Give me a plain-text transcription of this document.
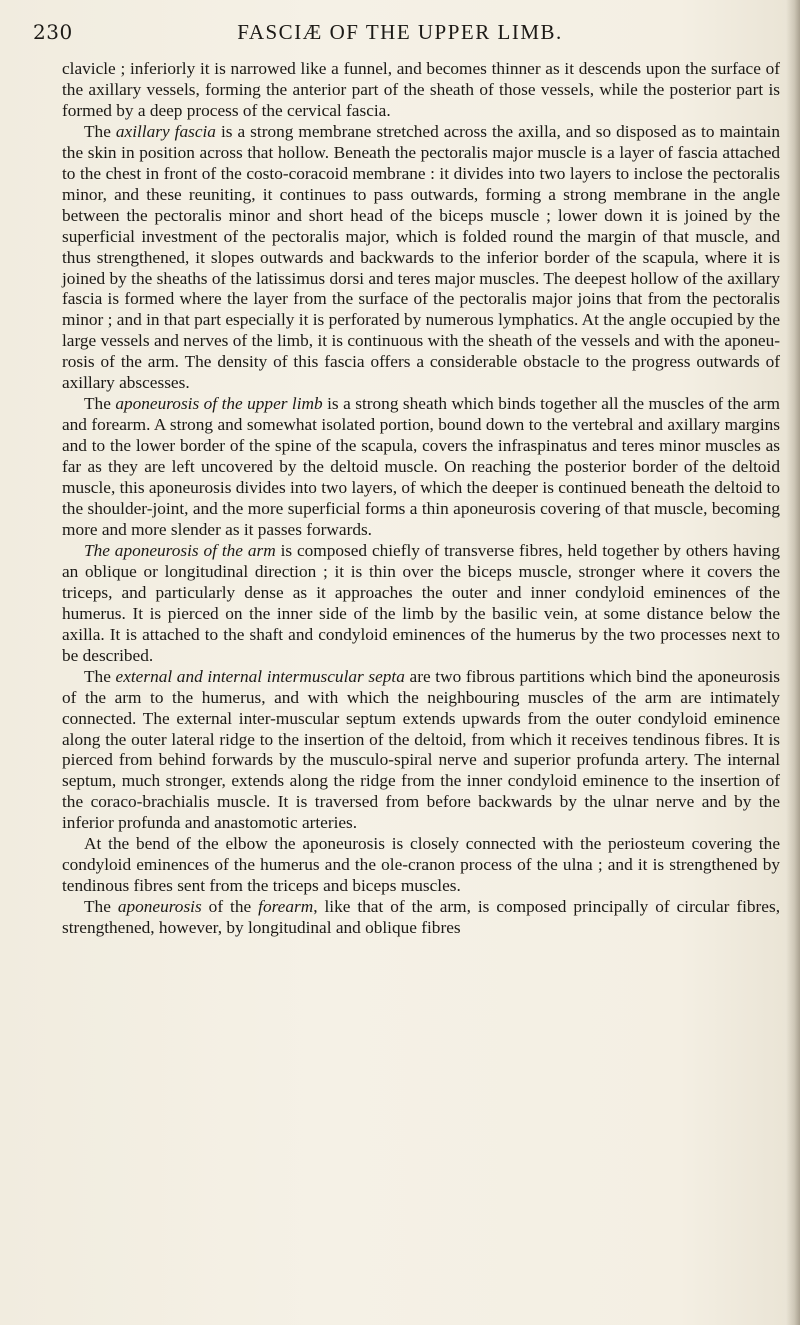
230	FASCIÆ OF THE UPPER LIMB.

clavicle ; inferiorly it is narrowed like a funnel, and becomes thinner as it descends upon the surface of the axillary vessels, forming the anterior part of the sheath of those vessels, while the posterior part is formed by a deep process of the cervical fascia.

The axillary fascia is a strong membrane stretched across the axilla, and so disposed as to maintain the skin in position across that hollow. Beneath the pectoralis major muscle is a layer of fascia attached to the chest in front of the costo-coracoid membrane : it divides into two layers to inclose the pectoralis minor, and these reuniting, it continues to pass outwards, forming a strong membrane in the angle between the pectoralis minor and short head of the biceps muscle ; lower down it is joined by the superficial investment of the pectoralis major, which is folded round the margin of that muscle, and thus strengthened, it slopes outwards and backwards to the inferior border of the scapula, where it is joined by the sheaths of the latissimus dorsi and teres major muscles. The deepest hollow of the axillary fascia is formed where the layer from the surface of the pectoralis major joins that from the pectoralis minor ; and in that part especially it is perforated by numerous lymphatics. At the angle occupied by the large vessels and nerves of the limb, it is continuous with the sheath of the vessels and with the aponeu-rosis of the arm. The density of this fascia offers a considerable obstacle to the progress outwards of axillary abscesses.

The aponeurosis of the upper limb is a strong sheath which binds together all the muscles of the arm and forearm. A strong and somewhat isolated portion, bound down to the vertebral and axillary margins and to the lower border of the spine of the scapula, covers the infraspinatus and teres minor muscles as far as they are left uncovered by the deltoid muscle. On reaching the posterior border of the deltoid muscle, this aponeurosis divides into two layers, of which the deeper is continued beneath the deltoid to the shoulder-joint, and the more superficial forms a thin aponeurosis covering of that muscle, becoming more and more slender as it passes forwards.

The aponeurosis of the arm is composed chiefly of transverse fibres, held together by others having an oblique or longitudinal direction ; it is thin over the biceps muscle, stronger where it covers the triceps, and particularly dense as it approaches the outer and inner condyloid eminences of the humerus. It is pierced on the inner side of the limb by the basilic vein, at some distance below the axilla. It is attached to the shaft and condyloid eminences of the humerus by the two processes next to be described.

The external and internal intermuscular septa are two fibrous partitions which bind the aponeurosis of the arm to the humerus, and with which the neighbouring muscles of the arm are intimately connected. The external inter-muscular septum extends upwards from the outer condyloid eminence along the outer lateral ridge to the insertion of the deltoid, from which it receives tendinous fibres. It is pierced from behind forwards by the musculo-spiral nerve and superior profunda artery. The internal septum, much stronger, extends along the ridge from the inner condyloid eminence to the insertion of the coraco-brachialis muscle. It is traversed from before backwards by the ulnar nerve and by the inferior profunda and anastomotic arteries.

At the bend of the elbow the aponeurosis is closely connected with the periosteum covering the condyloid eminences of the humerus and the ole-cranon process of the ulna ; and it is strengthened by tendinous fibres sent from the triceps and biceps muscles.

The aponeurosis of the forearm, like that of the arm, is composed principally of circular fibres, strengthened, however, by longitudinal and oblique fibres
